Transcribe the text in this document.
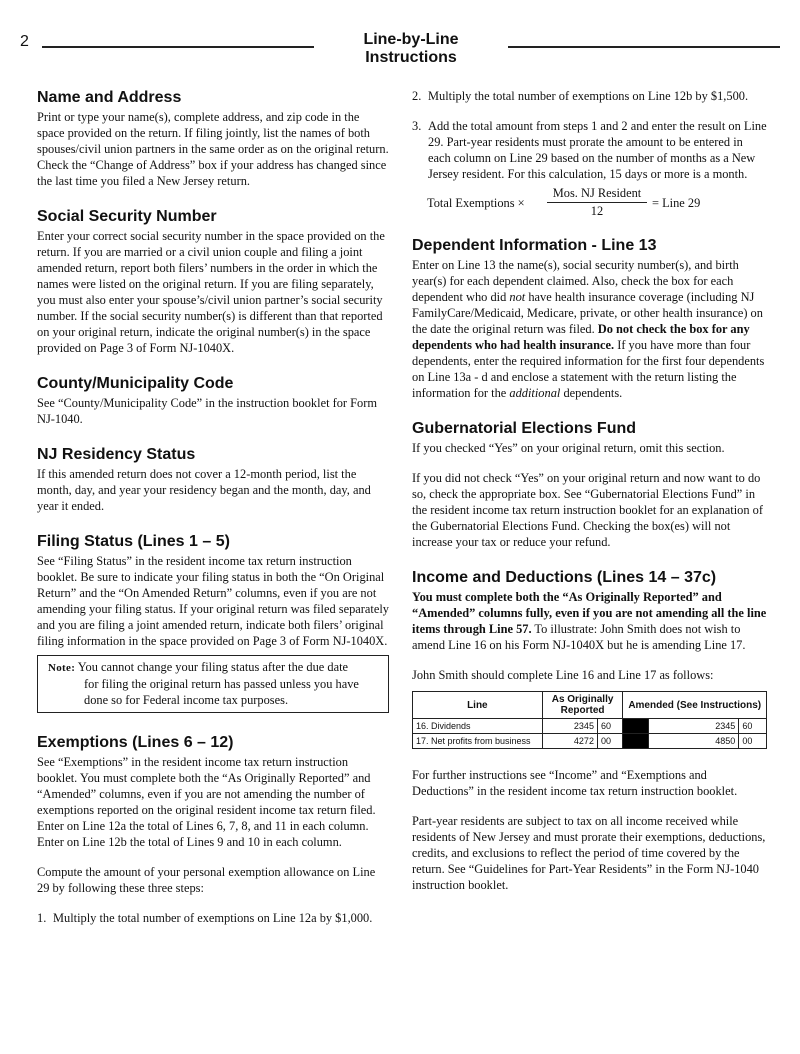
2	Line-by-Line Instructions
Name and Address

Print or type your name(s), complete address, and zip code in the space provided on the return. If filing jointly, list the names of both spouses/civil union partners in the same order as on the original return. Check the “Change of Address” box if your address has changed since the last time you filed a New Jersey return.

Social Security Number

Enter your correct social security number in the space provided on the return. If you are married or a civil union couple and filing a joint amended return, report both filers’ numbers in the order in which the names were listed on the original return. If you are filing separately, you must also enter your spouse’s/civil union partner’s social security number. If the social security number(s) is different than that reported on your original return, indicate the original number(s) in the space provided on Page 3 of Form NJ-1040X.

County/Municipality Code

See “County/Municipality Code” in the instruction booklet for Form NJ-1040.

NJ Residency Status

If this amended return does not cover a 12-month period, list the month, day, and year your residency began and the month, day, and year it ended.

Filing Status (Lines 1 – 5)

See “Filing Status” in the resident income tax return instruction booklet. Be sure to indicate your filing status in both the “On Original Return” and the “On Amended Return” columns, even if you are not amending your filing status. If your original return was filed separately and you are filing a joint amended return, indicate both filers’ original filing information in the space provided on Page 3 of Form NJ-1040X.

Note: You cannot change your filing status after the due date
for filing the original return has passed unless you have done so for Federal income tax purposes.
Exemptions (Lines 6 – 12)

See “Exemptions” in the resident income tax return instruction booklet. You must complete both the “As Originally Reported” and “Amended” columns, even if you are not amending the number of exemptions reported on the original resident income tax return filed. Enter on Line 12a the total of Lines 6, 7, 8, and 11 in each column. Enter on Line 12b the total of Lines 9 and 10 in each column.

Compute the amount of your personal exemption allowance on Line 29 by following these three steps:

1. Multiply the total number of exemptions on Line 12a by $1,000.
2. Multiply the total number of exemptions on Line 12b by $1,500.
3. Add the total amount from steps 1 and 2 and enter the result on Line 29. Part-year residents must prorate the amount to be entered in each column on Line 29 based on the number of months as a New Jersey resident. For this calculation, 15 days or more is a month.
Total Exemptions ×
Mos. NJ Resident
12
= Line 29
Dependent Information - Line 13

Enter on Line 13 the name(s), social security number(s), and birth year(s) for each dependent claimed. Also, check the box for each dependent who did not have health insurance coverage (including NJ FamilyCare/Medicaid, Medicare, private, or other health insurance) on the date the original return was filed. Do not check the box for any dependents who had health insurance. If you have more than four dependents, enter the required information for the first four dependents on Line 13a - d and enclose a statement with the return listing the information for the additional dependents.

Gubernatorial Elections Fund

If you checked “Yes” on your original return, omit this section.

If you did not check “Yes” on your original return and now want to do so, check the appropriate box. See “Gubernatorial Elections Fund” in the resident income tax return instruction booklet for an explanation of the Gubernatorial Elections Fund. Checking the box(es) will not increase your tax or reduce your refund.

Income and Deductions (Lines 14 – 37c)

You must complete both the “As Originally Reported” and “Amended” columns fully, even if you are not amending all the line items through Line 57. To illustrate: John Smith does not wish to amend Line 16 on his Form NJ-1040X but he is amending Line 17.

John Smith should complete Line 16 and Line 17 as follows:

Line	As Originally Reported		Amended (See Instructions)		
16. Dividends	2345	60		2345	60
17. Net profits from business	4272	00		4850	00

For further instructions see “Income” and “Exemptions and Deductions” in the resident income tax return instruction booklet.

Part-year residents are subject to tax on all income received while residents of New Jersey and must prorate their exemptions, deductions, credits, and exclusions to reflect the period of time covered by the return. See “Guidelines for Part-Year Residents” in the Form NJ-1040 instruction booklet.
